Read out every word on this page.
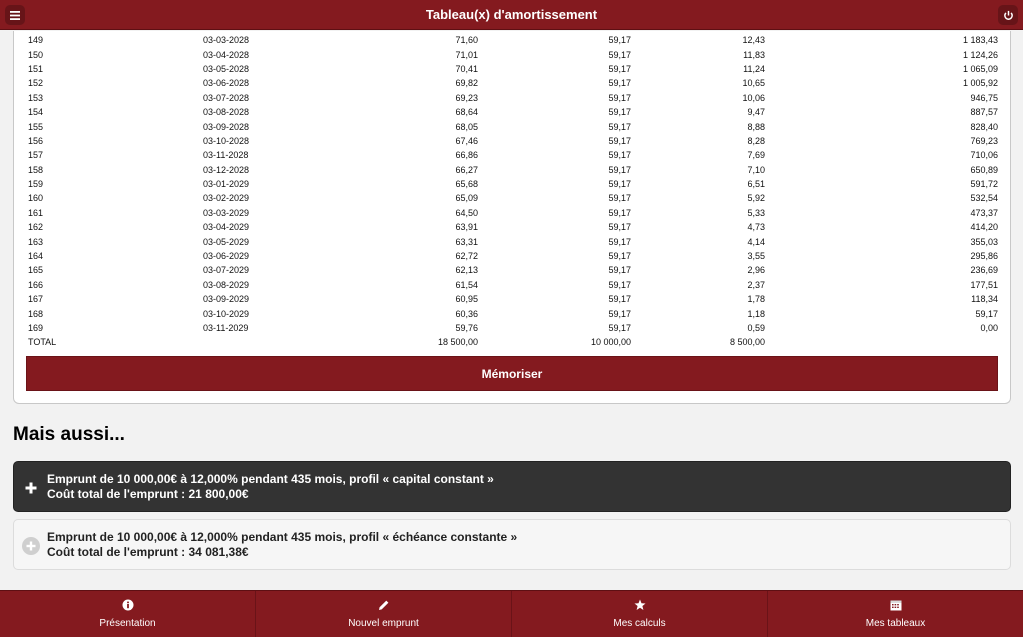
Tableau(x) d'amortissement
149	03-03-2028	71,60	59,17	12,43	1 183,43
150	03-04-2028	71,01	59,17	11,83	1 124,26
151	03-05-2028	70,41	59,17	11,24	1 065,09
152	03-06-2028	69,82	59,17	10,65	1 005,92
153	03-07-2028	69,23	59,17	10,06	946,75
154	03-08-2028	68,64	59,17	9,47	887,57
155	03-09-2028	68,05	59,17	8,88	828,40
156	03-10-2028	67,46	59,17	8,28	769,23
157	03-11-2028	66,86	59,17	7,69	710,06
158	03-12-2028	66,27	59,17	7,10	650,89
159	03-01-2029	65,68	59,17	6,51	591,72
160	03-02-2029	65,09	59,17	5,92	532,54
161	03-03-2029	64,50	59,17	5,33	473,37
162	03-04-2029	63,91	59,17	4,73	414,20
163	03-05-2029	63,31	59,17	4,14	355,03
164	03-06-2029	62,72	59,17	3,55	295,86
165	03-07-2029	62,13	59,17	2,96	236,69
166	03-08-2029	61,54	59,17	2,37	177,51
167	03-09-2029	60,95	59,17	1,78	118,34
168	03-10-2029	60,36	59,17	1,18	59,17
169	03-11-2029	59,76	59,17	0,59	0,00
TOTAL		18 500,00	10 000,00	8 500,00	
Mémoriser
Mais aussi...
Emprunt de 10 000,00€ à 12,000% pendant 435 mois, profil « capital constant »
Coût total de l'emprunt : 21 800,00€
Emprunt de 10 000,00€ à 12,000% pendant 435 mois, profil « échéance constante »
Coût total de l'emprunt : 34 081,38€
Présentation	Nouvel emprunt	Mes calculs	Mes tableaux
